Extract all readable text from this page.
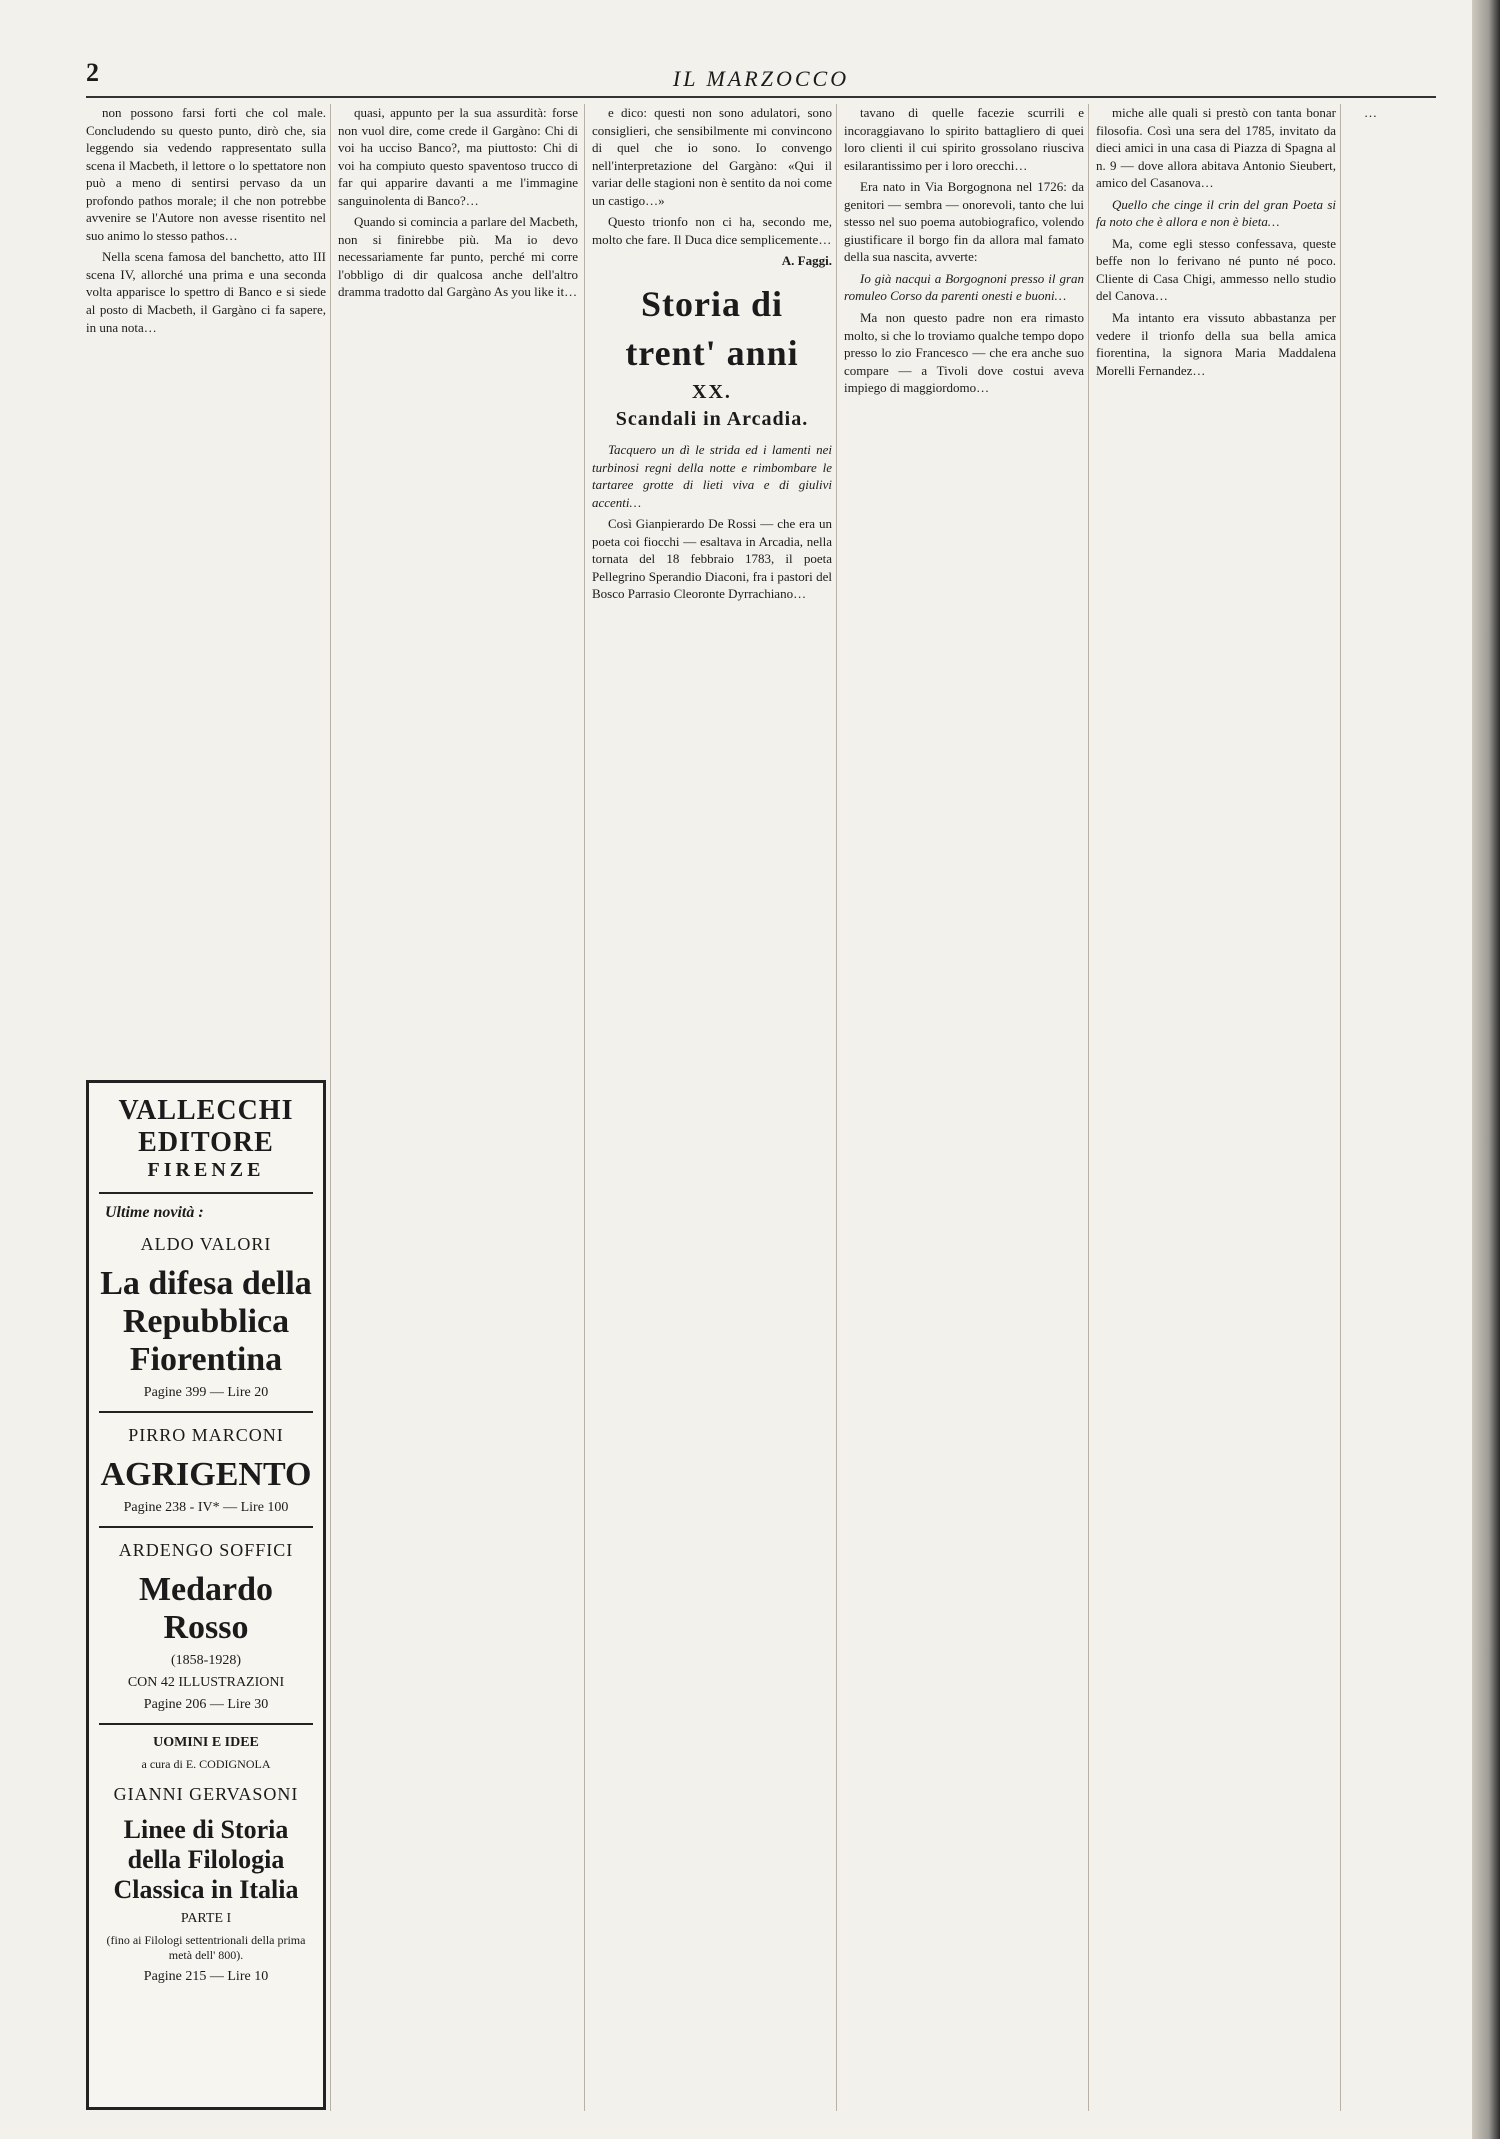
2	IL MARZOCCO

non possono farsi forti che col male. Concludendo su questo punto, dirò che, sia leggendo sia vedendo rappresentato sulla scena il Macbeth, il lettore o lo spettatore non può a meno di sentirsi pervaso da un profondo pathos morale; il che non potrebbe avvenire se l'Autore non avesse risentito nel suo animo lo stesso pathos…

Nella scena famosa del banchetto, atto III scena IV, allorché una prima e una seconda volta apparisce lo spettro di Banco e si siede al posto di Macbeth, il Gargàno ci fa sapere, in una nota…

VALLECCHI EDITORE
FIRENZE
Ultime novità :
ALDO VALORI
La difesa della Repubblica Fiorentina
Pagine 399 — Lire 20
PIRRO MARCONI
AGRIGENTO
Pagine 238 - IV* — Lire 100
ARDENGO SOFFICI
Medardo Rosso
(1858-1928)
CON 42 ILLUSTRAZIONI
Pagine 206 — Lire 30
UOMINI E IDEE
a cura di E. CODIGNOLA
GIANNI GERVASONI
Linee di Storia della Filologia Classica in Italia
PARTE I
(fino ai Filologi settentrionali della prima metà dell' 800).
Pagine 215 — Lire 10

quasi, appunto per la sua assurdità: forse non vuol dire, come crede il Gargàno: Chi di voi ha ucciso Banco?, ma piuttosto: Chi di voi ha compiuto questo spaventoso trucco di far qui apparire davanti a me l'immagine sanguinolenta di Banco?…

Quando si comincia a parlare del Macbeth, non si finirebbe più. Ma io devo necessariamente far punto, perché mi corre l'obbligo di dir qualcosa anche dell'altro dramma tradotto dal Gargàno As you like it…

e dico: questi non sono adulatori, sono consiglieri, che sensibilmente mi convincono di quel che io sono. Io convengo nell'interpretazione del Gargàno: «Qui il variar delle stagioni non è sentito da noi come un castigo…»

Questo trionfo non ci ha, secondo me, molto che fare. Il Duca dice semplicemente…

A. Faggi.
Storia di trent' anni
XX.
Scandali in Arcadia.

Tacquero un dì le strida ed i lamenti nei turbinosi regni della notte e rimbombare le tartaree grotte di lieti viva e di giulivi accenti…

Così Gianpierardo De Rossi — che era un poeta coi fiocchi — esaltava in Arcadia, nella tornata del 18 febbraio 1783, il poeta Pellegrino Sperandio Diaconi, fra i pastori del Bosco Parrasio Cleoronte Dyrrachiano…

tavano di quelle facezie scurrili e incoraggiavano lo spirito battagliero di quei loro clienti il cui spirito grossolano riusciva esilarantissimo per i loro orecchi…

Era nato in Via Borgognona nel 1726: da genitori — sembra — onorevoli, tanto che lui stesso nel suo poema autobiografico, volendo giustificare il borgo fin da allora mal famato della sua nascita, avverte:

Io già nacqui a Borgognoni presso il gran romuleo Corso da parenti onesti e buoni…

Ma non questo padre non era rimasto molto, si che lo troviamo qualche tempo dopo presso lo zio Francesco — che era anche suo compare — a Tivoli dove costui aveva impiego di maggiordomo…

miche alle quali si prestò con tanta bonar filosofia. Così una sera del 1785, invitato da dieci amici in una casa di Piazza di Spagna al n. 9 — dove allora abitava Antonio Sieubert, amico del Casanova…

Quello che cinge il crin del gran Poeta si fa noto che è allora e non è bieta…

Ma, come egli stesso confessava, queste beffe non lo ferivano né punto né poco. Cliente di Casa Chigi, ammesso nello studio del Canova…

Ma intanto era vissuto abbastanza per vedere il trionfo della sua bella amica fiorentina, la signora Maria Maddalena Morelli Fernandez…

…
